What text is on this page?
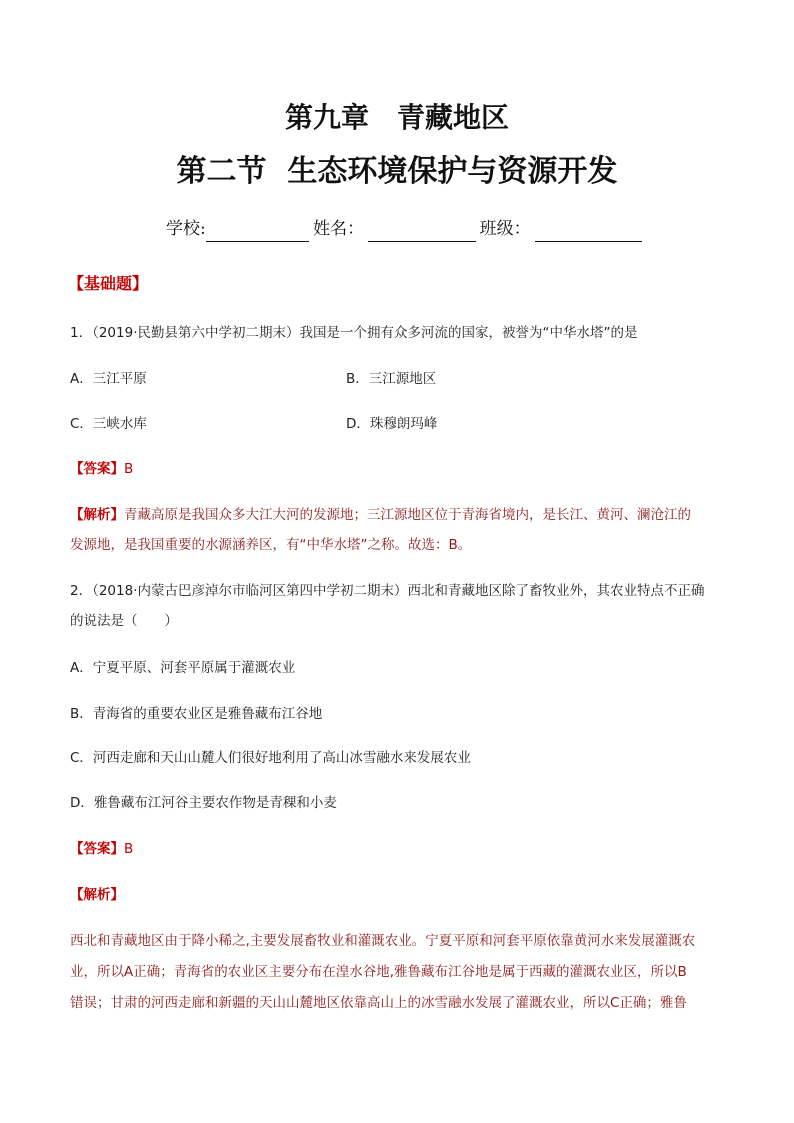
第九章　青藏地区
第二节  生态环境保护与资源开发
学校:	姓名：	班级：
【基础题】
1．（2019·民勤县第六中学初二期末）我国是一个拥有众多河流的国家，被誉为“中华水塔”的是
A．三江平原	B．三江源地区
C．三峡水库	D．珠穆朗玛峰
【答案】B
【解析】青藏高原是我国众多大江大河的发源地；三江源地区位于青海省境内，是长江、黄河、澜沧江的
发源地，是我国重要的水源涵养区，有“中华水塔”之称。故选：B。
2．（2018·内蒙古巴彦淖尔市临河区第四中学初二期末）西北和青藏地区除了畜牧业外，其农业特点不正确
的说法是（　　）
A．宁夏平原、河套平原属于灌溉农业
B．青海省的重要农业区是雅鲁藏布江谷地
C．河西走廊和天山山麓人们很好地利用了高山冰雪融水来发展农业
D．雅鲁藏布江河谷主要农作物是青稞和小麦
【答案】B
【解析】
西北和青藏地区由于降小稀之,主要发展畜牧业和灌溉农业。宁夏平原和河套平原依靠黄河水来发展灌溉农
业，所以A正确；青海省的农业区主要分布在湟水谷地,雅鲁藏布江谷地是属于西藏的灌溉农业区，所以B
错误；甘肃的河西走廊和新疆的天山山麓地区依靠高山上的冰雪融水发展了灌溉农业，所以C正确；雅鲁
